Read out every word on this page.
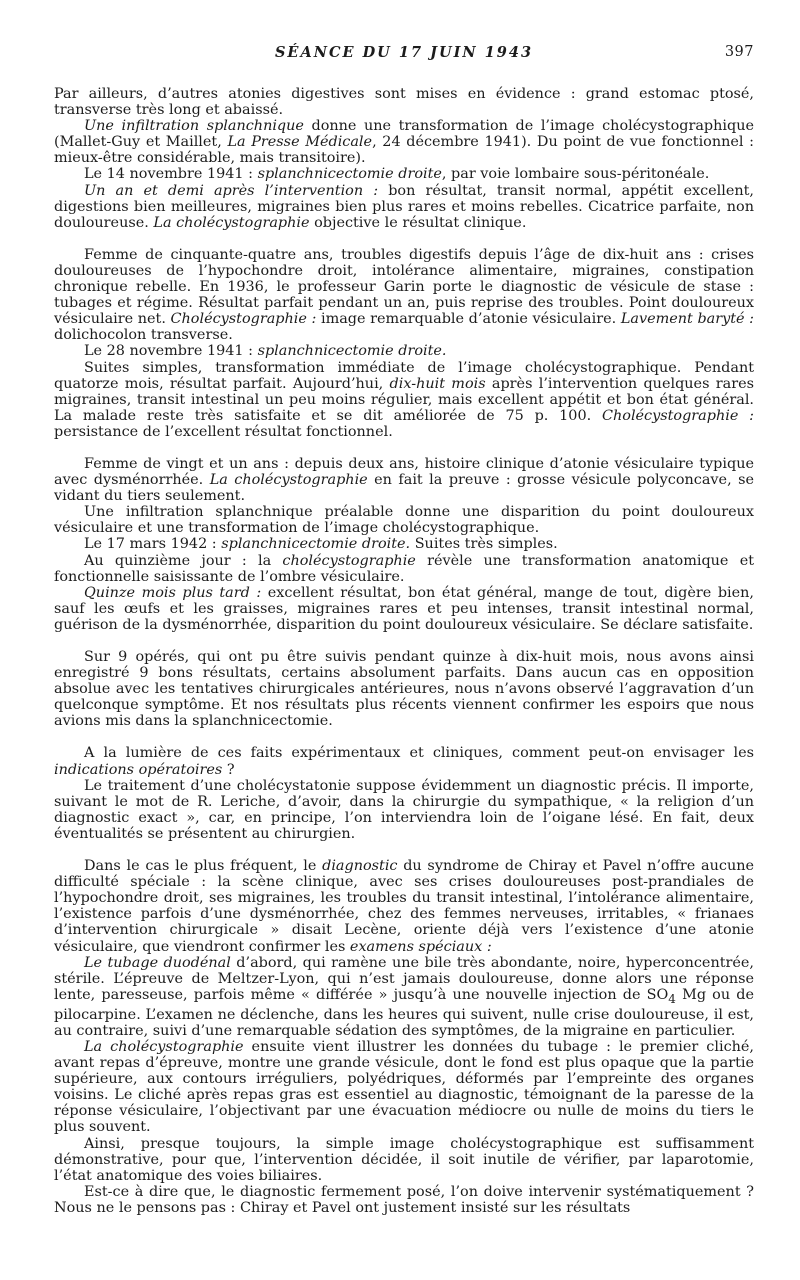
SÉANCE DU 17 JUIN 1943	397

Par ailleurs, d’autres atonies digestives sont mises en évidence : grand estomac ptosé, transverse très long et abaissé.

Une infiltration splanchnique donne une transformation de l’image cholécystographique (Mallet-Guy et Maillet, La Presse Médicale, 24 décembre 1941). Du point de vue fonctionnel : mieux-être considérable, mais transitoire).

Le 14 novembre 1941 : splanchnicectomie droite, par voie lombaire sous-péritonéale.

Un an et demi après l’intervention : bon résultat, transit normal, appétit excellent, digestions bien meilleures, migraines bien plus rares et moins rebelles. Cicatrice parfaite, non douloureuse. La cholécystographie objective le résultat clinique.

Femme de cinquante-quatre ans, troubles digestifs depuis l’âge de dix-huit ans : crises douloureuses de l’hypochondre droit, intolérance alimentaire, migraines, constipation chronique rebelle. En 1936, le professeur Garin porte le diagnostic de vésicule de stase : tubages et régime. Résultat parfait pendant un an, puis reprise des troubles. Point douloureux vésiculaire net. Cholécystographie : image remarquable d’atonie vésiculaire. Lavement baryté : dolichocolon transverse.

Le 28 novembre 1941 : splanchnicectomie droite.

Suites simples, transformation immédiate de l’image cholécystographique. Pendant quatorze mois, résultat parfait. Aujourd’hui, dix-huit mois après l’intervention quelques rares migraines, transit intestinal un peu moins régulier, mais excellent appétit et bon état général. La malade reste très satisfaite et se dit améliorée de 75 p. 100. Cholécystographie : persistance de l’excellent résultat fonctionnel.

Femme de vingt et un ans : depuis deux ans, histoire clinique d’atonie vésiculaire typique avec dysménorrhée. La cholécystographie en fait la preuve : grosse vésicule polyconcave, se vidant du tiers seulement.

Une infiltration splanchnique préalable donne une disparition du point douloureux vésiculaire et une transformation de l’image cholécystographique.

Le 17 mars 1942 : splanchnicectomie droite. Suites très simples.

Au quinzième jour : la cholécystographie révèle une transformation anatomique et fonctionnelle saisissante de l’ombre vésiculaire.

Quinze mois plus tard : excellent résultat, bon état général, mange de tout, digère bien, sauf les œufs et les graisses, migraines rares et peu intenses, transit intestinal normal, guérison de la dysménorrhée, disparition du point douloureux vésiculaire. Se déclare satisfaite.

Sur 9 opérés, qui ont pu être suivis pendant quinze à dix-huit mois, nous avons ainsi enregistré 9 bons résultats, certains absolument parfaits. Dans aucun cas en opposition absolue avec les tentatives chirurgicales antérieures, nous n’avons observé l’aggravation d’un quelconque symptôme. Et nos résultats plus récents viennent confirmer les espoirs que nous avions mis dans la splanchnicectomie.

A la lumière de ces faits expérimentaux et cliniques, comment peut-on envisager les indications opératoires ?

Le traitement d’une cholécystatonie suppose évidemment un diagnostic précis. Il importe, suivant le mot de R. Leriche, d’avoir, dans la chirurgie du sympathique, « la religion d’un diagnostic exact », car, en principe, l’on interviendra loin de l’oigane lésé. En fait, deux éventualités se présentent au chirurgien.

Dans le cas le plus fréquent, le diagnostic du syndrome de Chiray et Pavel n’offre aucune difficulté spéciale : la scène clinique, avec ses crises douloureuses post-prandiales de l’hypochondre droit, ses migraines, les troubles du transit intestinal, l’intolérance alimentaire, l’existence parfois d’une dysménorrhée, chez des femmes nerveuses, irritables, « frianaes d’intervention chirurgicale » disait Lecène, oriente déjà vers l’existence d’une atonie vésiculaire, que viendront confirmer les examens spéciaux :

Le tubage duodénal d’abord, qui ramène une bile très abondante, noire, hyperconcentrée, stérile. L’épreuve de Meltzer-Lyon, qui n’est jamais douloureuse, donne alors une réponse lente, paresseuse, parfois même « différée » jusqu’à une nouvelle injection de $SO_4$ Mg ou de pilocarpine. L’examen ne déclenche, dans les heures qui suivent, nulle crise douloureuse, il est, au contraire, suivi d’une remarquable sédation des symptômes, de la migraine en particulier.

La cholécystographie ensuite vient illustrer les données du tubage : le premier cliché, avant repas d’épreuve, montre une grande vésicule, dont le fond est plus opaque que la partie supérieure, aux contours irréguliers, polyédriques, déformés par l’empreinte des organes voisins. Le cliché après repas gras est essentiel au diagnostic, témoignant de la paresse de la réponse vésiculaire, l’objectivant par une évacuation médiocre ou nulle de moins du tiers le plus souvent.

Ainsi, presque toujours, la simple image cholécystographique est suffisamment démonstrative, pour que, l’intervention décidée, il soit inutile de vérifier, par laparotomie, l’état anatomique des voies biliaires.

Est-ce à dire que, le diagnostic fermement posé, l’on doive intervenir systématiquement ? Nous ne le pensons pas : Chiray et Pavel ont justement insisté sur les résultats
